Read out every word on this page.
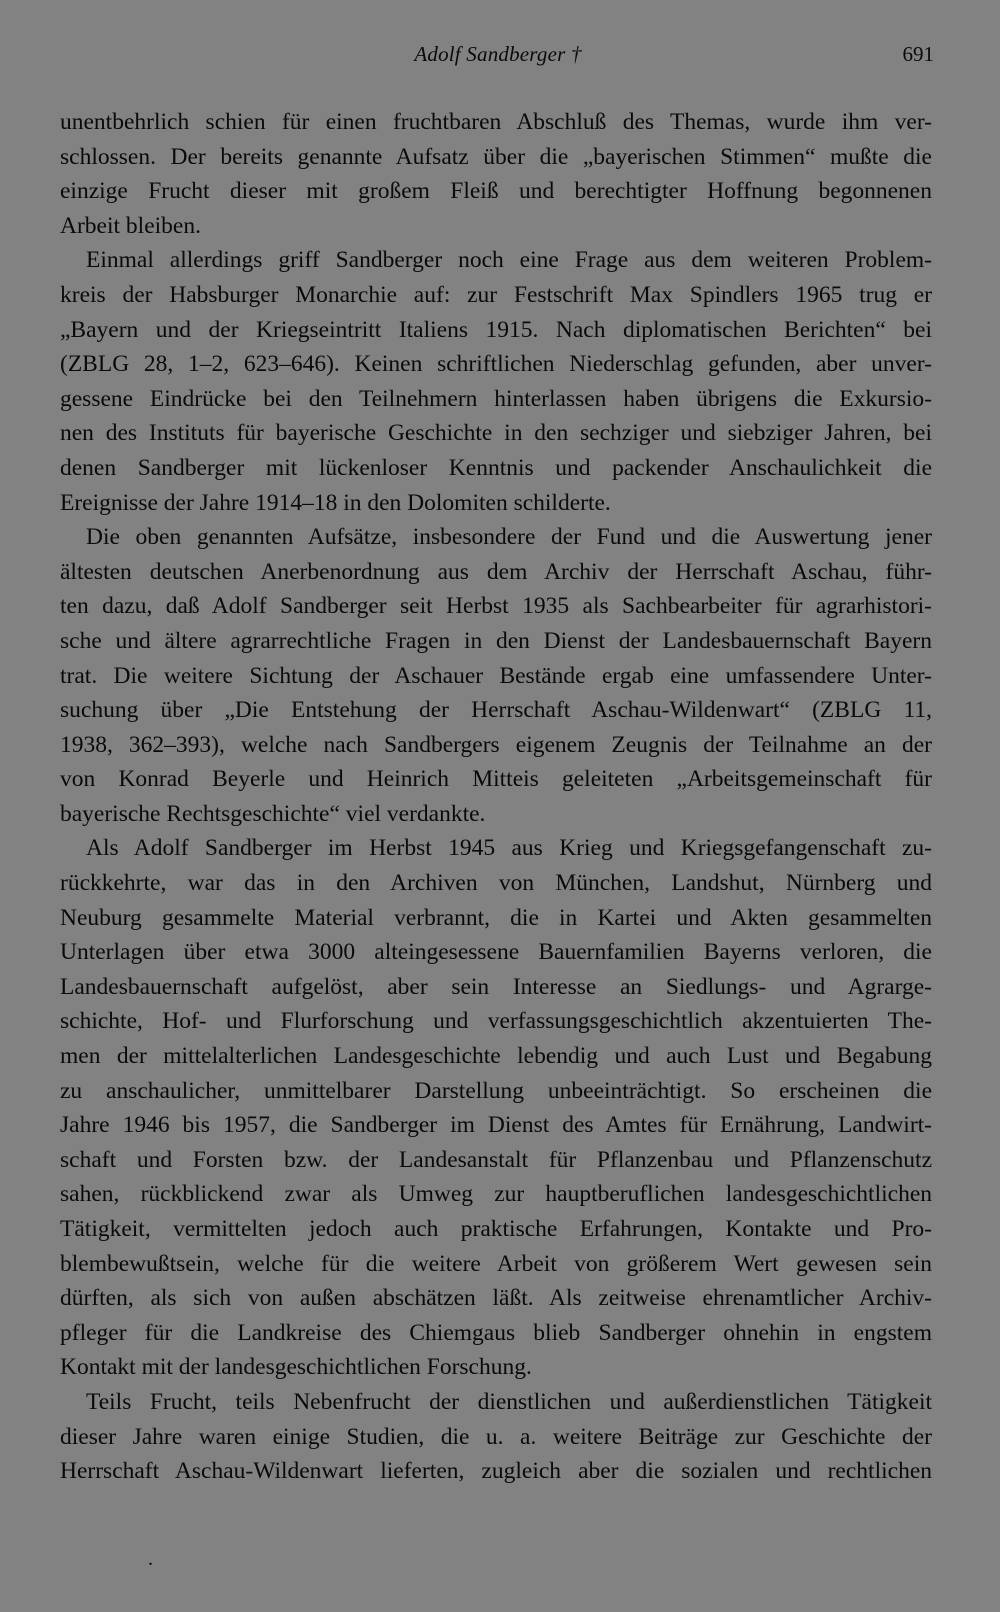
Adolf Sandberger †	691
unentbehrlich schien für einen fruchtbaren Abschluß des Themas, wurde ihm ver-
schlossen. Der bereits genannte Aufsatz über die „bayerischen Stimmen“ mußte die
einzige Frucht dieser mit großem Fleiß und berechtigter Hoffnung begonnenen
Arbeit bleiben.
Einmal allerdings griff Sandberger noch eine Frage aus dem weiteren Problem-
kreis der Habsburger Monarchie auf: zur Festschrift Max Spindlers 1965 trug er
„Bayern und der Kriegseintritt Italiens 1915. Nach diplomatischen Berichten“ bei
(ZBLG 28, 1–2, 623–646). Keinen schriftlichen Niederschlag gefunden, aber unver-
gessene Eindrücke bei den Teilnehmern hinterlassen haben übrigens die Exkursio-
nen des Instituts für bayerische Geschichte in den sechziger und siebziger Jahren, bei
denen Sandberger mit lückenloser Kenntnis und packender Anschaulichkeit die
Ereignisse der Jahre 1914–18 in den Dolomiten schilderte.
Die oben genannten Aufsätze, insbesondere der Fund und die Auswertung jener
ältesten deutschen Anerbenordnung aus dem Archiv der Herrschaft Aschau, führ-
ten dazu, daß Adolf Sandberger seit Herbst 1935 als Sachbearbeiter für agrarhistori-
sche und ältere agrarrechtliche Fragen in den Dienst der Landesbauernschaft Bayern
trat. Die weitere Sichtung der Aschauer Bestände ergab eine umfassendere Unter-
suchung über „Die Entstehung der Herrschaft Aschau-Wildenwart“ (ZBLG 11,
1938, 362–393), welche nach Sandbergers eigenem Zeugnis der Teilnahme an der
von Konrad Beyerle und Heinrich Mitteis geleiteten „Arbeitsgemeinschaft für
bayerische Rechtsgeschichte“ viel verdankte.
Als Adolf Sandberger im Herbst 1945 aus Krieg und Kriegsgefangenschaft zu-
rückkehrte, war das in den Archiven von München, Landshut, Nürnberg und
Neuburg gesammelte Material verbrannt, die in Kartei und Akten gesammelten
Unterlagen über etwa 3000 alteingesessene Bauernfamilien Bayerns verloren, die
Landesbauernschaft aufgelöst, aber sein Interesse an Siedlungs- und Agrarge-
schichte, Hof- und Flurforschung und verfassungsgeschichtlich akzentuierten The-
men der mittelalterlichen Landesgeschichte lebendig und auch Lust und Begabung
zu anschaulicher, unmittelbarer Darstellung unbeeinträchtigt. So erscheinen die
Jahre 1946 bis 1957, die Sandberger im Dienst des Amtes für Ernährung, Landwirt-
schaft und Forsten bzw. der Landesanstalt für Pflanzenbau und Pflanzenschutz
sahen, rückblickend zwar als Umweg zur hauptberuflichen landesgeschichtlichen
Tätigkeit, vermittelten jedoch auch praktische Erfahrungen, Kontakte und Pro-
blembewußtsein, welche für die weitere Arbeit von größerem Wert gewesen sein
dürften, als sich von außen abschätzen läßt. Als zeitweise ehrenamtlicher Archiv-
pfleger für die Landkreise des Chiemgaus blieb Sandberger ohnehin in engstem
Kontakt mit der landesgeschichtlichen Forschung.
Teils Frucht, teils Nebenfrucht der dienstlichen und außerdienstlichen Tätigkeit
dieser Jahre waren einige Studien, die u. a. weitere Beiträge zur Geschichte der
Herrschaft Aschau-Wildenwart lieferten, zugleich aber die sozialen und rechtlichen
.
